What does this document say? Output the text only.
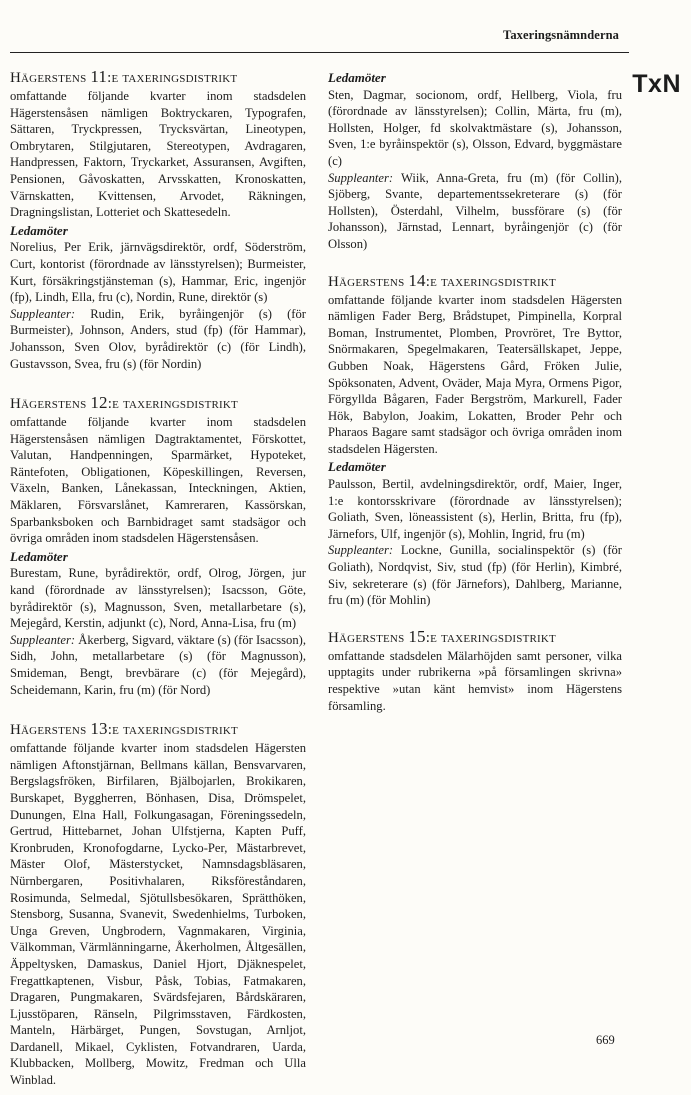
Taxeringsnämnderna
TxN
Hägerstens 11:e taxeringsdistrikt

omfattande följande kvarter inom stadsdelen Hägerstensåsen nämligen Boktryckaren, Typografen, Sättaren, Tryckpressen, Trycksvärtan, Lineotypen, Ombrytaren, Stilgjutaren, Stereotypen, Avdragaren, Handpressen, Faktorn, Tryckarket, Assuransen, Avgiften, Pensionen, Gåvoskatten, Arvsskatten, Kronoskatten, Värnskatten, Kvittensen, Arvodet, Räkningen, Dragningslistan, Lotteriet och Skattesedeln.

Ledamöter

Norelius, Per Erik, järnvägsdirektör, ordf, Söderström, Curt, kontorist (förordnade av länsstyrelsen); Burmeister, Kurt, försäkringstjänsteman (s), Hammar, Eric, ingenjör (fp), Lindh, Ella, fru (c), Nordin, Rune, direktör (s)
Suppleanter: Rudin, Erik, byråingenjör (s) (för Burmeister), Johnson, Anders, stud (fp) (för Hammar), Johansson, Sven Olov, byrådirektör (c) (för Lindh), Gustavsson, Svea, fru (s) (för Nordin)

Hägerstens 12:e taxeringsdistrikt

omfattande följande kvarter inom stadsdelen Hägerstensåsen nämligen Dagtraktamentet, Förskottet, Valutan, Handpenningen, Sparmärket, Hypoteket, Räntefoten, Obligationen, Köpeskillingen, Reversen, Växeln, Banken, Lånekassan, Inteckningen, Aktien, Mäklaren, Försvarslånet, Kamreraren, Kassörskan, Sparbanksboken och Barnbidraget samt stadsägor och övriga områden inom stadsdelen Hägerstensåsen.

Ledamöter

Burestam, Rune, byrådirektör, ordf, Olrog, Jörgen, jur kand (förordnade av länsstyrelsen); Isacsson, Göte, byrådirektör (s), Magnusson, Sven, metallarbetare (s), Mejegård, Kerstin, adjunkt (c), Nord, Anna-Lisa, fru (m)
Suppleanter: Åkerberg, Sigvard, väktare (s) (för Isacsson), Sidh, John, metallarbetare (s) (för Magnusson), Smideman, Bengt, brevbärare (c) (för Mejegård), Scheidemann, Karin, fru (m) (för Nord)

Hägerstens 13:e taxeringsdistrikt

omfattande följande kvarter inom stadsdelen Hägersten nämligen Aftonstjärnan, Bellmans källan, Bensvarvaren, Bergslagsfröken, Birfilaren, Bjälbojarlen, Brokikaren, Burskapet, Byggherren, Bönhasen, Disa, Drömspelet, Dunungen, Elna Hall, Folkungasagan, Föreningssedeln, Gertrud, Hittebarnet, Johan Ulfstjerna, Kapten Puff, Kronbruden, Kronofogdarne, Lycko-Per, Mästarbrevet, Mäster Olof, Mästerstycket, Namnsdagsbläsaren, Nürnbergaren, Positivhalaren, Riksföreståndaren, Rosimunda, Selmedal, Sjötullsbesökaren, Sprätthöken, Stensborg, Susanna, Svanevit, Swedenhielms, Turboken, Unga Greven, Ungbrodern, Vagnmakaren, Virginia, Välkomman, Värmlänningarne, Åkerholmen, Åltgesällen, Äppeltysken, Damaskus, Daniel Hjort, Djäknespelet, Fregattkaptenen, Visbur, Påsk, Tobias, Fatmakaren, Dragaren, Pungmakaren, Svärdsfejaren, Bårdskäraren, Ljusstöparen, Ränseln, Pilgrimsstaven, Färdkosten, Manteln, Härbärget, Pungen, Sovstugan, Arnljot, Dardanell, Mikael, Cyklisten, Fotvandraren, Uarda, Klubbacken, Mollberg, Mowitz, Fredman och Ulla Winblad.

Ledamöter

Sten, Dagmar, socionom, ordf, Hellberg, Viola, fru (förordnade av länsstyrelsen); Collin, Märta, fru (m), Hollsten, Holger, fd skolvaktmästare (s), Johansson, Sven, 1:e byråinspektör (s), Olsson, Edvard, byggmästare (c)
Suppleanter: Wiik, Anna-Greta, fru (m) (för Collin), Sjöberg, Svante, departementssekreterare (s) (för Hollsten), Österdahl, Vilhelm, bussförare (s) (för Johansson), Järnstad, Lennart, byråingenjör (c) (för Olsson)

Hägerstens 14:e taxeringsdistrikt

omfattande följande kvarter inom stadsdelen Hägersten nämligen Fader Berg, Brådstupet, Pimpinella, Korpral Boman, Instrumentet, Plomben, Provröret, Tre Byttor, Snörmakaren, Spegelmakaren, Teatersällskapet, Jeppe, Gubben Noak, Hägerstens Gård, Fröken Julie, Spöksonaten, Advent, Oväder, Maja Myra, Ormens Pigor, Förgyllda Bågaren, Fader Bergström, Markurell, Fader Hök, Babylon, Joakim, Lokatten, Broder Pehr och Pharaos Bagare samt stadsägor och övriga områden inom stadsdelen Hägersten.

Ledamöter

Paulsson, Bertil, avdelningsdirektör, ordf, Maier, Inger, 1:e kontorsskrivare (förordnade av länsstyrelsen); Goliath, Sven, löneassistent (s), Herlin, Britta, fru (fp), Järnefors, Ulf, ingenjör (s), Mohlin, Ingrid, fru (m)
Suppleanter: Lockne, Gunilla, socialinspektör (s) (för Goliath), Nordqvist, Siv, stud (fp) (för Herlin), Kimbré, Siv, sekreterare (s) (för Järnefors), Dahlberg, Marianne, fru (m) (för Mohlin)

Hägerstens 15:e taxeringsdistrikt

omfattande stadsdelen Mälarhöjden samt personer, vilka upptagits under rubrikerna »på församlingen skrivna» respektive »utan känt hemvist» inom Hägerstens församling.

669
